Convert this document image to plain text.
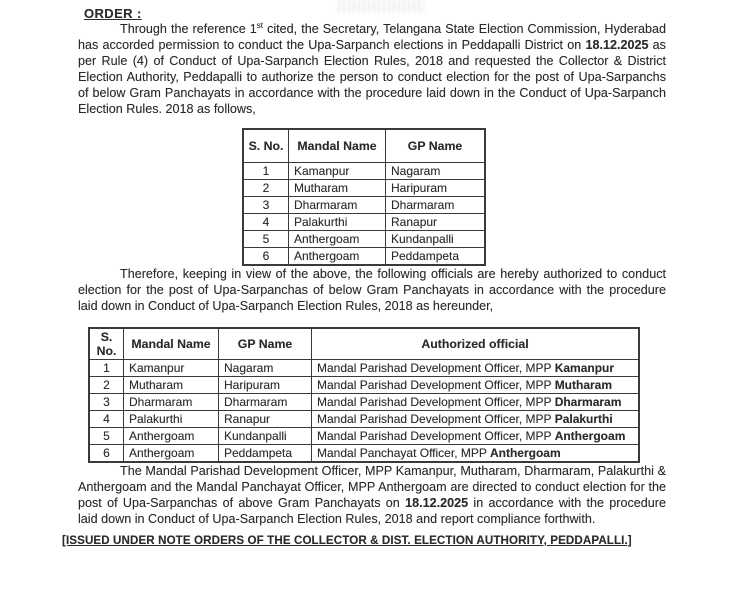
ORDER :

Through the reference 1st cited, the Secretary, Telangana State Election Commission, Hyderabad has accorded permission to conduct the Upa-Sarpanch elections in Peddapalli District on 18.12.2025 as per Rule (4) of Conduct of Upa-Sarpanch Election Rules, 2018 and requested the Collector & District Election Authority, Peddapalli to authorize the person to conduct election for the post of Upa-Sarpanchs of below Gram Panchayats in accordance with the procedure laid down in the Conduct of Upa-Sarpanch Election Rules. 2018 as follows,

S. No.	Mandal Name	GP Name
1	Kamanpur	Nagaram
2	Mutharam	Haripuram
3	Dharmaram	Dharmaram
4	Palakurthi	Ranapur
5	Anthergoam	Kundanpalli
6	Anthergoam	Peddampeta

Therefore, keeping in view of the above, the following officials are hereby authorized to conduct election for the post of Upa-Sarpanchas of below Gram Panchayats in accordance with the procedure laid down in Conduct of Upa-Sarpanch Election Rules, 2018 as hereunder,

S. No.	Mandal Name	GP Name	Authorized official
1	Kamanpur	Nagaram	Mandal Parishad Development Officer, MPP Kamanpur
2	Mutharam	Haripuram	Mandal Parishad Development Officer, MPP Mutharam
3	Dharmaram	Dharmaram	Mandal Parishad Development Officer, MPP Dharmaram
4	Palakurthi	Ranapur	Mandal Parishad Development Officer, MPP Palakurthi
5	Anthergoam	Kundanpalli	Mandal Parishad Development Officer, MPP Anthergoam
6	Anthergoam	Peddampeta	Mandal Panchayat Officer, MPP Anthergoam

The Mandal Parishad Development Officer, MPP Kamanpur, Mutharam, Dharmaram, Palakurthi & Anthergoam and the Mandal Panchayat Officer, MPP Anthergoam are directed to conduct election for the post of Upa-Sarpanchas of above Gram Panchayats on 18.12.2025 in accordance with the procedure laid down in Conduct of Upa-Sarpanch Election Rules, 2018 and report compliance forthwith.

[ISSUED UNDER NOTE ORDERS OF THE COLLECTOR & DIST. ELECTION AUTHORITY, PEDDAPALLI.]
